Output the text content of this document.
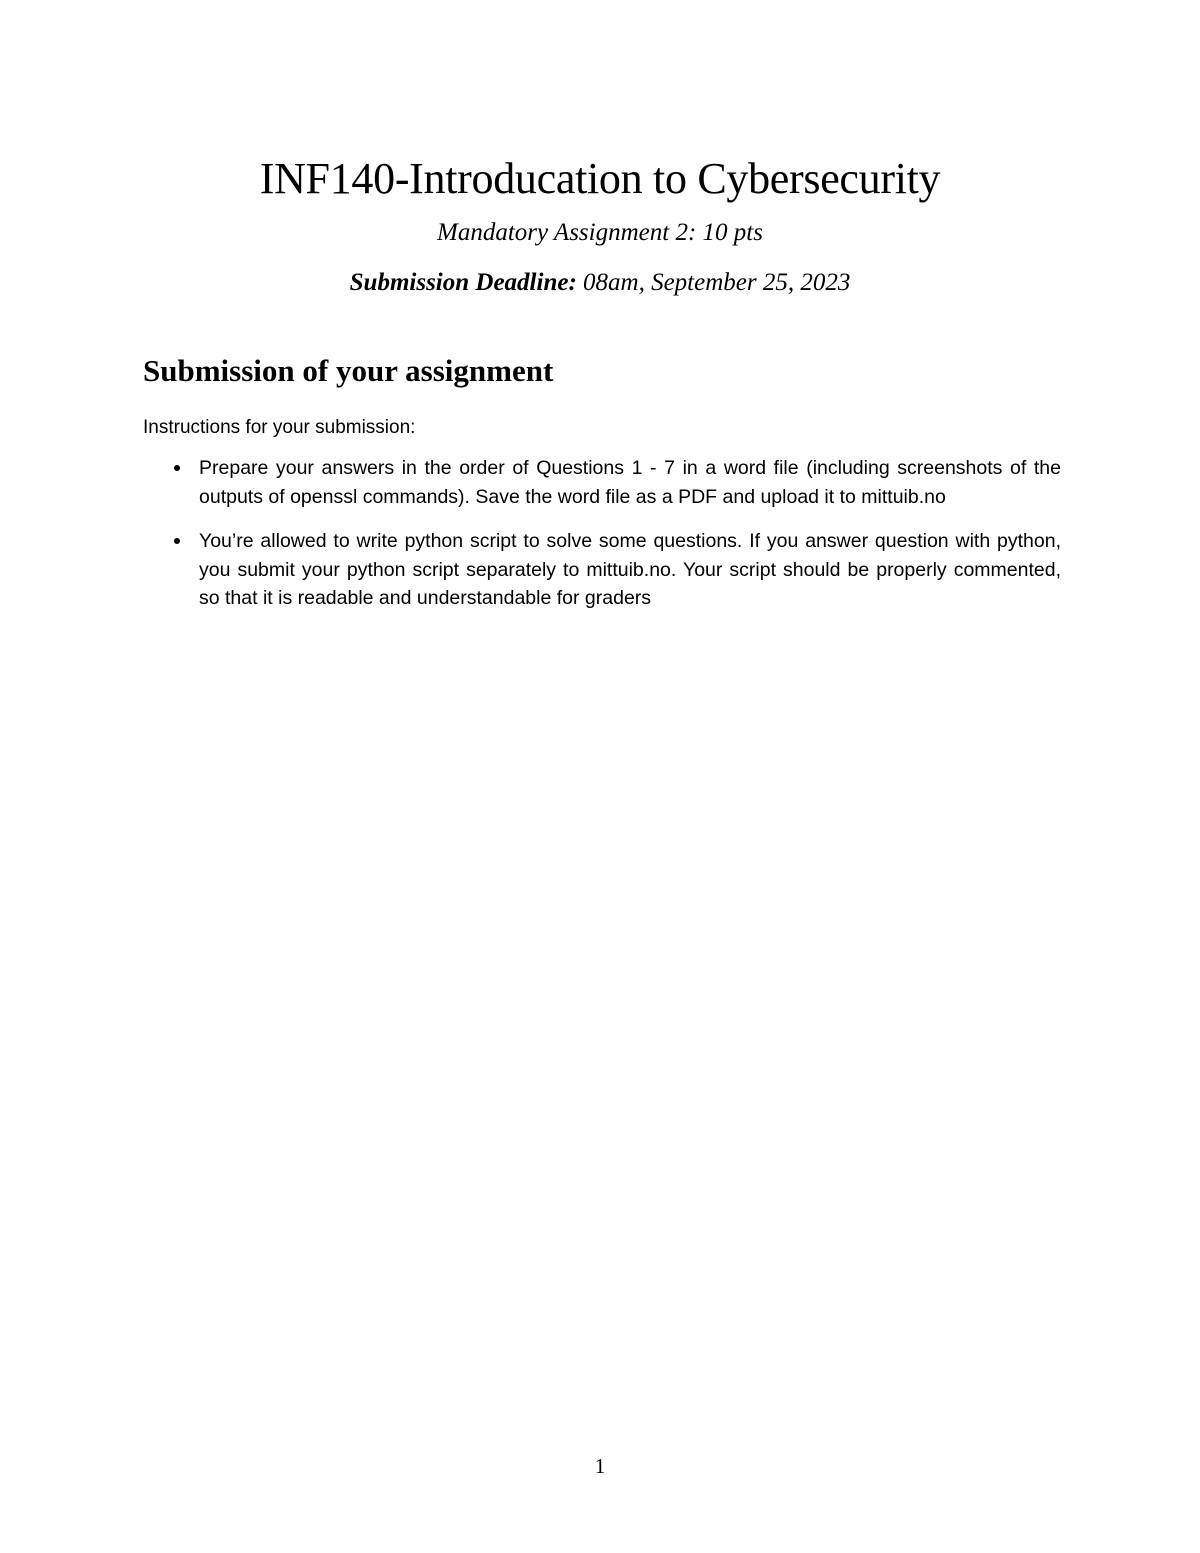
INF140-Introducation to Cybersecurity

Mandatory Assignment 2: 10 pts

Submission Deadline: 08am, September 25, 2023

Submission of your assignment

Instructions for your submission:

Prepare your answers in the order of Questions 1 - 7 in a word file (including screenshots of the outputs of openssl commands). Save the word file as a PDF and upload it to mittuib.no

You’re allowed to write python script to solve some questions. If you answer question with python, you submit your python script separately to mittuib.no. Your script should be properly commented, so that it is readable and understandable for graders

1
